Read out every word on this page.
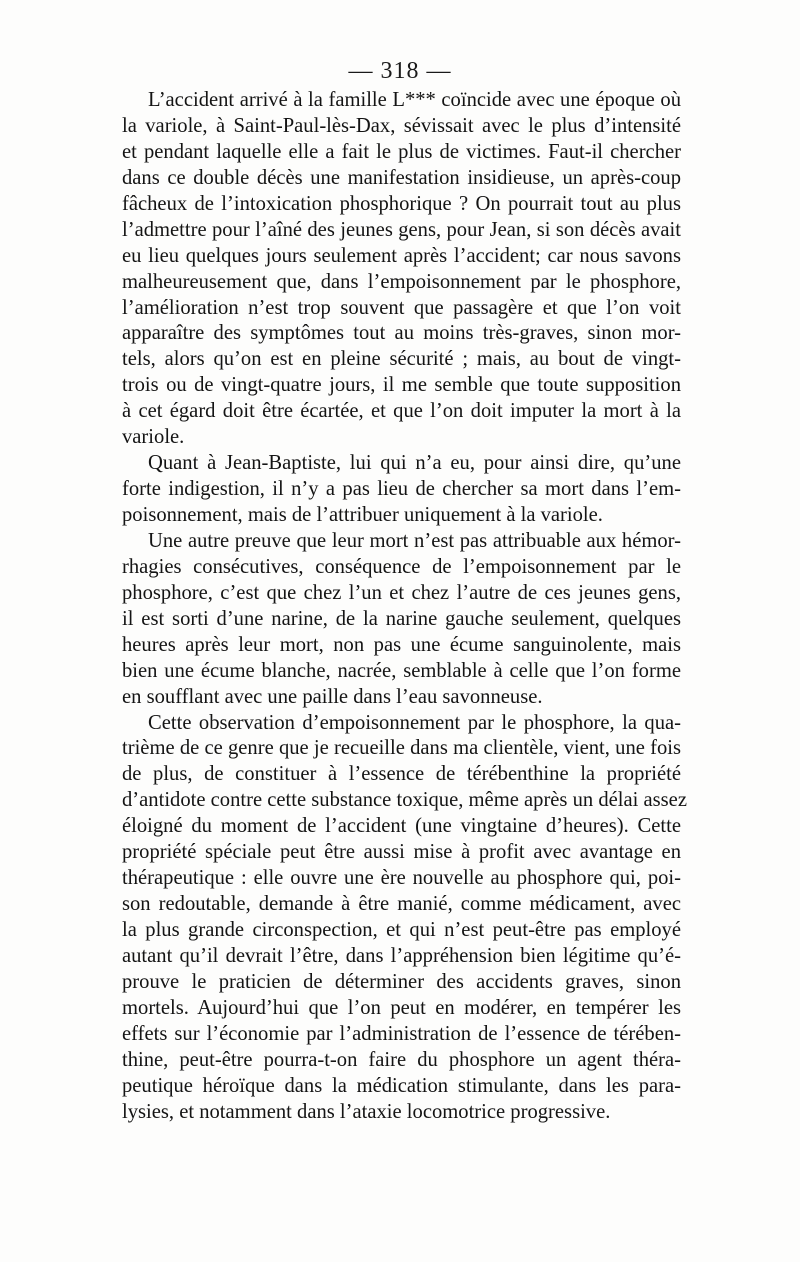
— 318 —
L’accident arrivé à la famille L*** coïncide avec une époque où
la variole, à Saint-Paul-lès-Dax, sévissait avec le plus d’intensité
et pendant laquelle elle a fait le plus de victimes. Faut-il chercher
dans ce double décès une manifestation insidieuse, un après-coup
fâcheux de l’intoxication phosphorique ? On pourrait tout au plus
l’admettre pour l’aîné des jeunes gens, pour Jean, si son décès avait
eu lieu quelques jours seulement après l’accident; car nous savons
malheureusement que, dans l’empoisonnement par le phosphore,
l’amélioration n’est trop souvent que passagère et que l’on voit
apparaître des symptômes tout au moins très-graves, sinon mor-
tels, alors qu’on est en pleine sécurité ; mais, au bout de vingt-
trois ou de vingt-quatre jours, il me semble que toute supposition
à cet égard doit être écartée, et que l’on doit imputer la mort à la
variole.
Quant à Jean-Baptiste, lui qui n’a eu, pour ainsi dire, qu’une
forte indigestion, il n’y a pas lieu de chercher sa mort dans l’em-
poisonnement, mais de l’attribuer uniquement à la variole.
Une autre preuve que leur mort n’est pas attribuable aux hémor-
rhagies consécutives, conséquence de l’empoisonnement par le
phosphore, c’est que chez l’un et chez l’autre de ces jeunes gens,
il est sorti d’une narine, de la narine gauche seulement, quelques
heures après leur mort, non pas une écume sanguinolente, mais
bien une écume blanche, nacrée, semblable à celle que l’on forme
en soufflant avec une paille dans l’eau savonneuse.
Cette observation d’empoisonnement par le phosphore, la qua-
trième de ce genre que je recueille dans ma clientèle, vient, une fois
de plus, de constituer à l’essence de térébenthine la propriété
d’antidote contre cette substance toxique, même après un délai assez
éloigné du moment de l’accident (une vingtaine d’heures). Cette
propriété spéciale peut être aussi mise à profit avec avantage en
thérapeutique : elle ouvre une ère nouvelle au phosphore qui, poi-
son redoutable, demande à être manié, comme médicament, avec
la plus grande circonspection, et qui n’est peut-être pas employé
autant qu’il devrait l’être, dans l’appréhension bien légitime qu’é-
prouve le praticien de déterminer des accidents graves, sinon
mortels. Aujourd’hui que l’on peut en modérer, en tempérer les
effets sur l’économie par l’administration de l’essence de térében-
thine, peut-être pourra-t-on faire du phosphore un agent théra-
peutique héroïque dans la médication stimulante, dans les para-
lysies, et notamment dans l’ataxie locomotrice progressive.
